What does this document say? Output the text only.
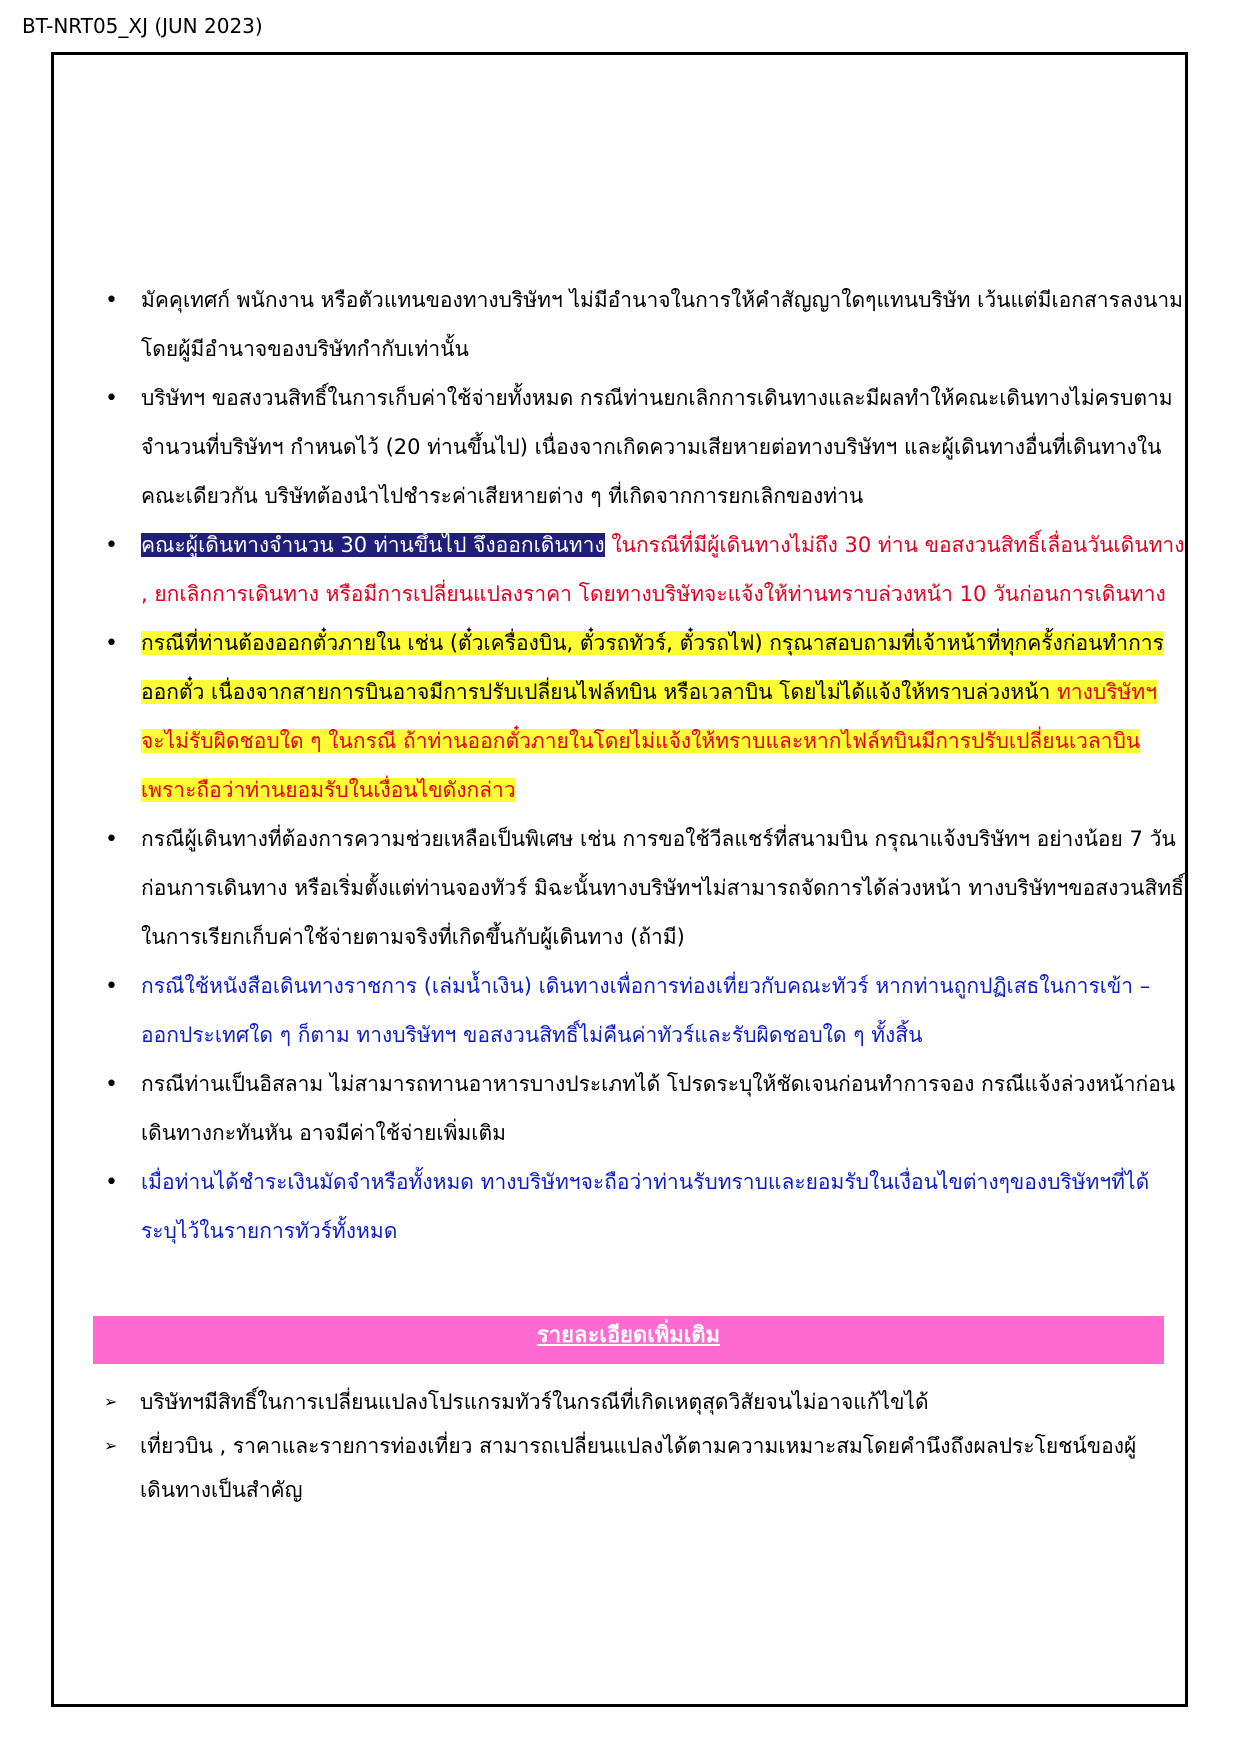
BT-NRT05_XJ (JUN 2023)
• มัคคุเทศก์ พนักงาน หรือตัวแทนของทางบริษัทฯ ไม่มีอำนาจในการให้คำสัญญาใดๆแทนบริษัท เว้นแต่มีเอกสารลงนามโดยผู้มีอำนาจของบริษัทกำกับเท่านั้น
• บริษัทฯ ขอสงวนสิทธิ์ในการเก็บค่าใช้จ่ายทั้งหมด กรณีท่านยกเลิกการเดินทางและมีผลทำให้คณะเดินทางไม่ครบตามจำนวนที่บริษัทฯ กำหนดไว้ (20 ท่านขึ้นไป) เนื่องจากเกิดความเสียหายต่อทางบริษัทฯ และผู้เดินทางอื่นที่เดินทางในคณะเดียวกัน บริษัทต้องนำไปชำระค่าเสียหายต่าง ๆ ที่เกิดจากการยกเลิกของท่าน
• คณะผู้เดินทางจำนวน 30 ท่านขึ้นไป จึงออกเดินทาง ในกรณีที่มีผู้เดินทางไม่ถึง 30 ท่าน ขอสงวนสิทธิ์เลื่อนวันเดินทาง , ยกเลิกการเดินทาง หรือมีการเปลี่ยนแปลงราคา โดยทางบริษัทจะแจ้งให้ท่านทราบล่วงหน้า 10 วันก่อนการเดินทาง
• กรณีที่ท่านต้องออกตั๋วภายใน เช่น (ตั๋วเครื่องบิน, ตั๋วรถทัวร์, ตั๋วรถไฟ) กรุณาสอบถามที่เจ้าหน้าที่ทุกครั้งก่อนทำการออกตั๋ว เนื่องจากสายการบินอาจมีการปรับเปลี่ยนไฟล์ทบิน หรือเวลาบิน โดยไม่ได้แจ้งให้ทราบล่วงหน้า ทางบริษัทฯ จะไม่รับผิดชอบใด ๆ ในกรณี ถ้าท่านออกตั๋วภายในโดยไม่แจ้งให้ทราบและหากไฟล์ทบินมีการปรับเปลี่ยนเวลาบินเพราะถือว่าท่านยอมรับในเงื่อนไขดังกล่าว
• กรณีผู้เดินทางที่ต้องการความช่วยเหลือเป็นพิเศษ เช่น การขอใช้วีลแชร์ที่สนามบิน กรุณาแจ้งบริษัทฯ อย่างน้อย 7 วันก่อนการเดินทาง หรือเริ่มตั้งแต่ท่านจองทัวร์ มิฉะนั้นทางบริษัทฯไม่สามารถจัดการได้ล่วงหน้า ทางบริษัทฯขอสงวนสิทธิ์ในการเรียกเก็บค่าใช้จ่ายตามจริงที่เกิดขึ้นกับผู้เดินทาง (ถ้ามี)
• กรณีใช้หนังสือเดินทางราชการ (เล่มน้ำเงิน) เดินทางเพื่อการท่องเที่ยวกับคณะทัวร์ หากท่านถูกปฏิเสธในการเข้า – ออกประเทศใด ๆ ก็ตาม ทางบริษัทฯ ขอสงวนสิทธิ์ไม่คืนค่าทัวร์และรับผิดชอบใด ๆ ทั้งสิ้น
• กรณีท่านเป็นอิสลาม ไม่สามารถทานอาหารบางประเภทได้ โปรดระบุให้ชัดเจนก่อนทำการจอง กรณีแจ้งล่วงหน้าก่อนเดินทางกะทันหัน อาจมีค่าใช้จ่ายเพิ่มเติม
• เมื่อท่านได้ชำระเงินมัดจำหรือทั้งหมด ทางบริษัทฯจะถือว่าท่านรับทราบและยอมรับในเงื่อนไขต่างๆของบริษัทฯที่ได้ระบุไว้ในรายการทัวร์ทั้งหมด
รายละเอียดเพิ่มเติม
➢ บริษัทฯมีสิทธิ์ในการเปลี่ยนแปลงโปรแกรมทัวร์ในกรณีที่เกิดเหตุสุดวิสัยจนไม่อาจแก้ไขได้
➢ เที่ยวบิน , ราคาและรายการท่องเที่ยว สามารถเปลี่ยนแปลงได้ตามความเหมาะสมโดยคำนึงถึงผลประโยชน์ของผู้เดินทางเป็นสำคัญ
